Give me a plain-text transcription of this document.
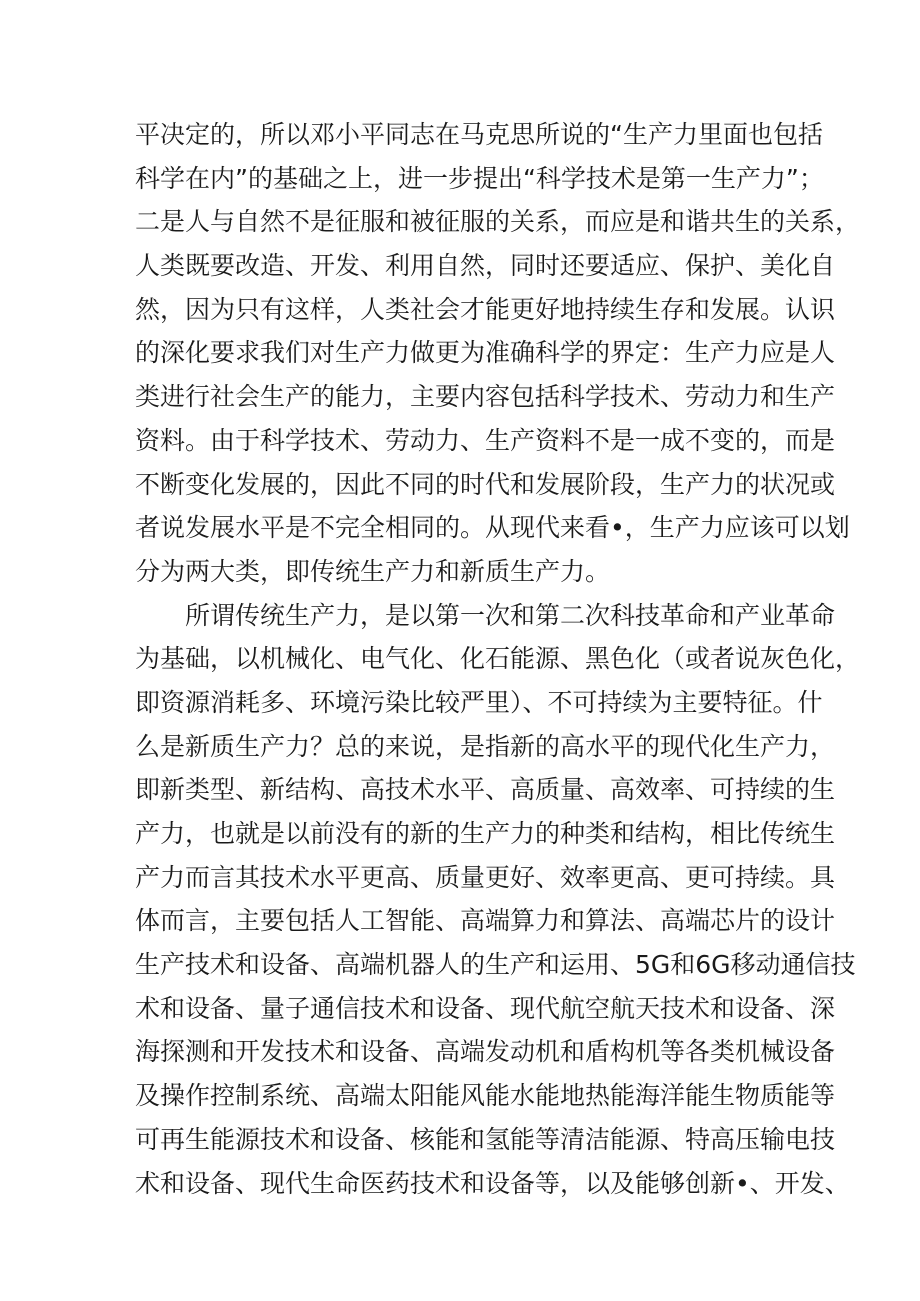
平决定的，所以邓小平同志在马克思所说的“生产力里面也包括
科学在内”的基础之上，进一步提出“科学技术是第一生产力”；
二是人与自然不是征服和被征服的关系，而应是和谐共生的关系，
人类既要改造、开发、利用自然，同时还要适应、保护、美化自
然，因为只有这样，人类社会才能更好地持续生存和发展。认识
的深化要求我们对生产力做更为准确科学的界定：生产力应是人
类进行社会生产的能力，主要内容包括科学技术、劳动力和生产
资料。由于科学技术、劳动力、生产资料不是一成不变的，而是
不断变化发展的，因此不同的时代和发展阶段，生产力的状况或
者说发展水平是不完全相同的。从现代来看•，生产力应该可以划
分为两大类，即传统生产力和新质生产力。
所谓传统生产力，是以第一次和第二次科技革命和产业革命
为基础，以机械化、电气化、化石能源、黑色化（或者说灰色化，
即资源消耗多、环境污染比较严里）、不可持续为主要特征。什
么是新质生产力？总的来说，是指新的高水平的现代化生产力，
即新类型、新结构、高技术水平、高质量、高效率、可持续的生
产力，也就是以前没有的新的生产力的种类和结构，相比传统生
产力而言其技术水平更高、质量更好、效率更高、更可持续。具
体而言，主要包括人工智能、高端算力和算法、高端芯片的设计
生产技术和设备、高端机器人的生产和运用、5G和6G移动通信技
术和设备、量子通信技术和设备、现代航空航天技术和设备、深
海探测和开发技术和设备、高端发动机和盾构机等各类机械设备
及操作控制系统、高端太阳能风能水能地热能海洋能生物质能等
可再生能源技术和设备、核能和氢能等清洁能源、特高压输电技
术和设备、现代生命医药技术和设备等，以及能够创新•、开发、
